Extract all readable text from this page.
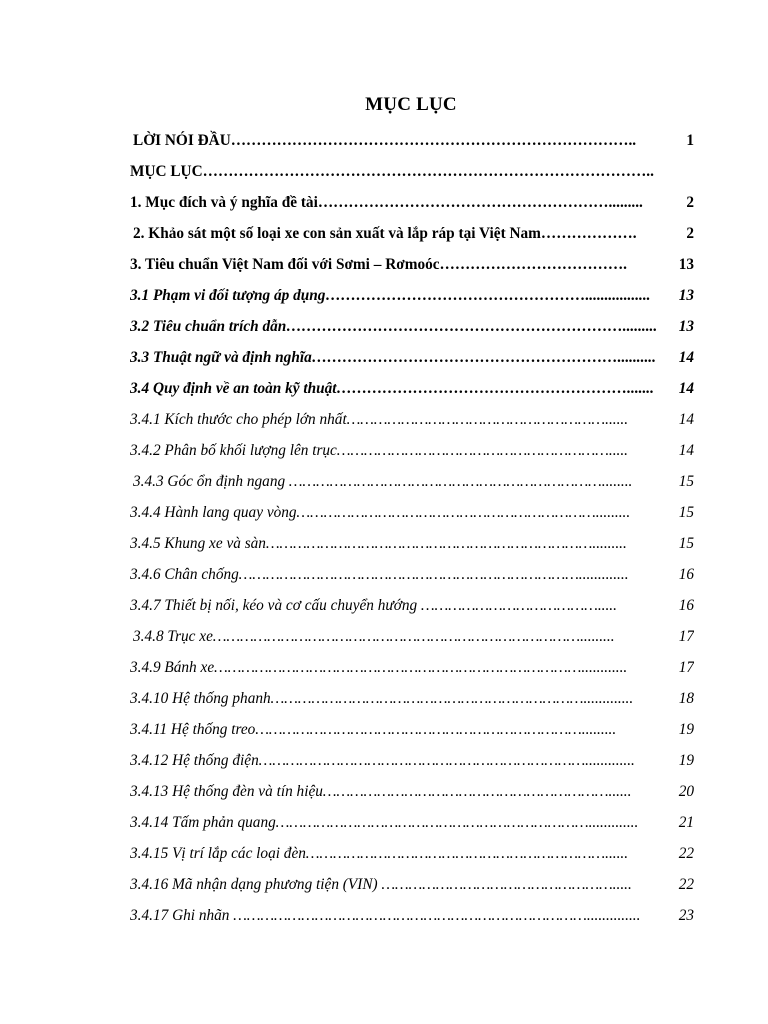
MỤC LỤC
LỜI NÓI ĐẦU……………………………………………………………………..	1
MỤC LỤC……………………………………………………………………………..
1. Mục đích và ý nghĩa đề tài………………………………………………….........	2
2. Khảo sát một số loại xe con sản xuất và lắp ráp tại Việt Nam……………….	2
3. Tiêu chuẩn Việt Nam đối với Sơmi – Rơmoóc……………………………….	13
3.1 Phạm vi đối tượng áp dụng……………………………………………................. 13
3.2 Tiêu chuẩn trích dẫn…………………………………………………………......... 13
3.3 Thuật ngữ và định nghĩa…………………………………………………….......... 14
3.4 Quy định về an toàn kỹ thuật…………………………………………………....... 14
3.4.1 Kích thước cho phép lớn nhất…………………………………………………......	14
3.4.2 Phân bố khối lượng lên trục…………………………………………………….....	14
3.4.3 Góc ổn định ngang ……………………………………………………………........	15
3.4.4 Hành lang quay vòng………………………………………………………….........	15
3.4.5 Khung xe và sàn……………………………………………………………….........	15
3.4.6 Chân chống………………………………………………………………….............	16
3.4.7 Thiết bị nối, kéo và cơ cấu chuyển hướng ………………………………….....	16
3.4.8 Trục xe……………………………………………………………………….........	17
3.4.9 Bánh xe………………………………………………………………………............	17
3.4.10 Hệ thống phanh…………………………………………………………….............	18
3.4.11 Hệ thống treo……………………………………………………………….........	19
3.4.12 Hệ thống điện……………………………………………………………….............	19
3.4.13 Hệ thống đèn và tín hiệu………………………………………………………......	20
3.4.14 Tấm phản quang…………………………………………………………….............	21
3.4.15 Vị trí lắp các loại đèn…………………………………………………………......	22
3.4.16 Mã nhận dạng phương tiện (VIN) …………………………………………….....	22
3.4.17 Ghi nhãn ……………………………………………………………………..............	23
